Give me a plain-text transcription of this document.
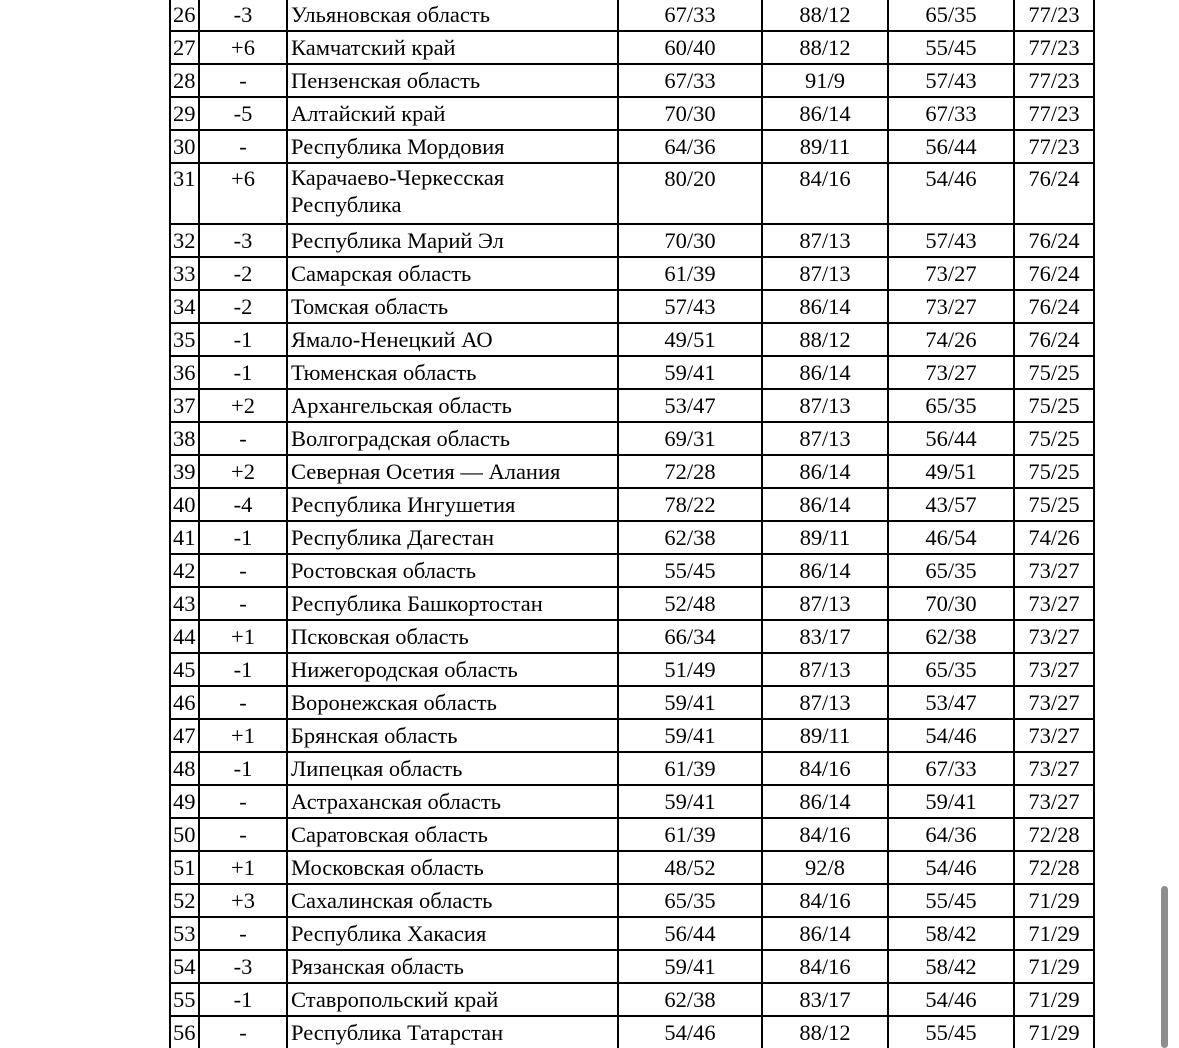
26	-3	Ульяновская область	67/33	88/12	65/35	77/23
27	+6	Камчатский край	60/40	88/12	55/45	77/23
28	-	Пензенская область	67/33	91/9	57/43	77/23
29	-5	Алтайский край	70/30	86/14	67/33	77/23
30	-	Республика Мордовия	64/36	89/11	56/44	77/23
31	+6	Карачаево-Черкесская Республика	80/20	84/16	54/46	76/24
32	-3	Республика Марий Эл	70/30	87/13	57/43	76/24
33	-2	Самарская область	61/39	87/13	73/27	76/24
34	-2	Томская область	57/43	86/14	73/27	76/24
35	-1	Ямало-Ненецкий АО	49/51	88/12	74/26	76/24
36	-1	Тюменская область	59/41	86/14	73/27	75/25
37	+2	Архангельская область	53/47	87/13	65/35	75/25
38	-	Волгоградская область	69/31	87/13	56/44	75/25
39	+2	Северная Осетия — Алания	72/28	86/14	49/51	75/25
40	-4	Республика Ингушетия	78/22	86/14	43/57	75/25
41	-1	Республика Дагестан	62/38	89/11	46/54	74/26
42	-	Ростовская область	55/45	86/14	65/35	73/27
43	-	Республика Башкортостан	52/48	87/13	70/30	73/27
44	+1	Псковская область	66/34	83/17	62/38	73/27
45	-1	Нижегородская область	51/49	87/13	65/35	73/27
46	-	Воронежская область	59/41	87/13	53/47	73/27
47	+1	Брянская область	59/41	89/11	54/46	73/27
48	-1	Липецкая область	61/39	84/16	67/33	73/27
49	-	Астраханская область	59/41	86/14	59/41	73/27
50	-	Саратовская область	61/39	84/16	64/36	72/28
51	+1	Московская область	48/52	92/8	54/46	72/28
52	+3	Сахалинская область	65/35	84/16	55/45	71/29
53	-	Республика Хакасия	56/44	86/14	58/42	71/29
54	-3	Рязанская область	59/41	84/16	58/42	71/29
55	-1	Ставропольский край	62/38	83/17	54/46	71/29
56	-	Республика Татарстан	54/46	88/12	55/45	71/29
